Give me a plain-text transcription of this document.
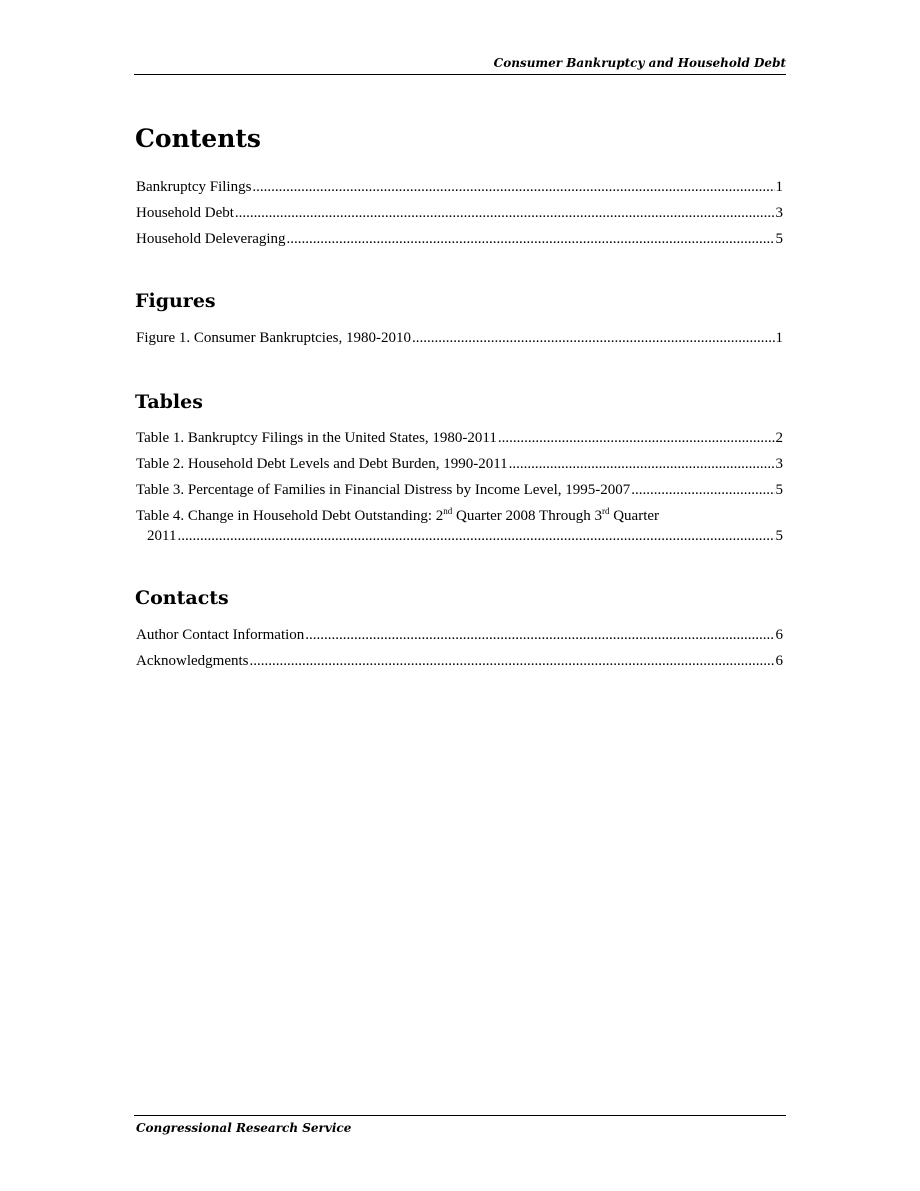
Consumer Bankruptcy and Household Debt
Contents
Bankruptcy Filings .....	1
Household Debt .....	3
Household Deleveraging .....	5
Figures
Figure 1. Consumer Bankruptcies, 1980-2010 .....	1
Tables
Table 1. Bankruptcy Filings in the United States, 1980-2011 .....	2
Table 2. Household Debt Levels and Debt Burden, 1990-2011 .....	3
Table 3. Percentage of Families in Financial Distress by Income Level, 1995-2007 .....	5
Table 4. Change in Household Debt Outstanding: 2nd Quarter 2008 Through 3rd Quarter
2011 .....	5
Contacts
Author Contact Information .....	6
Acknowledgments .....	6
Congressional Research Service
